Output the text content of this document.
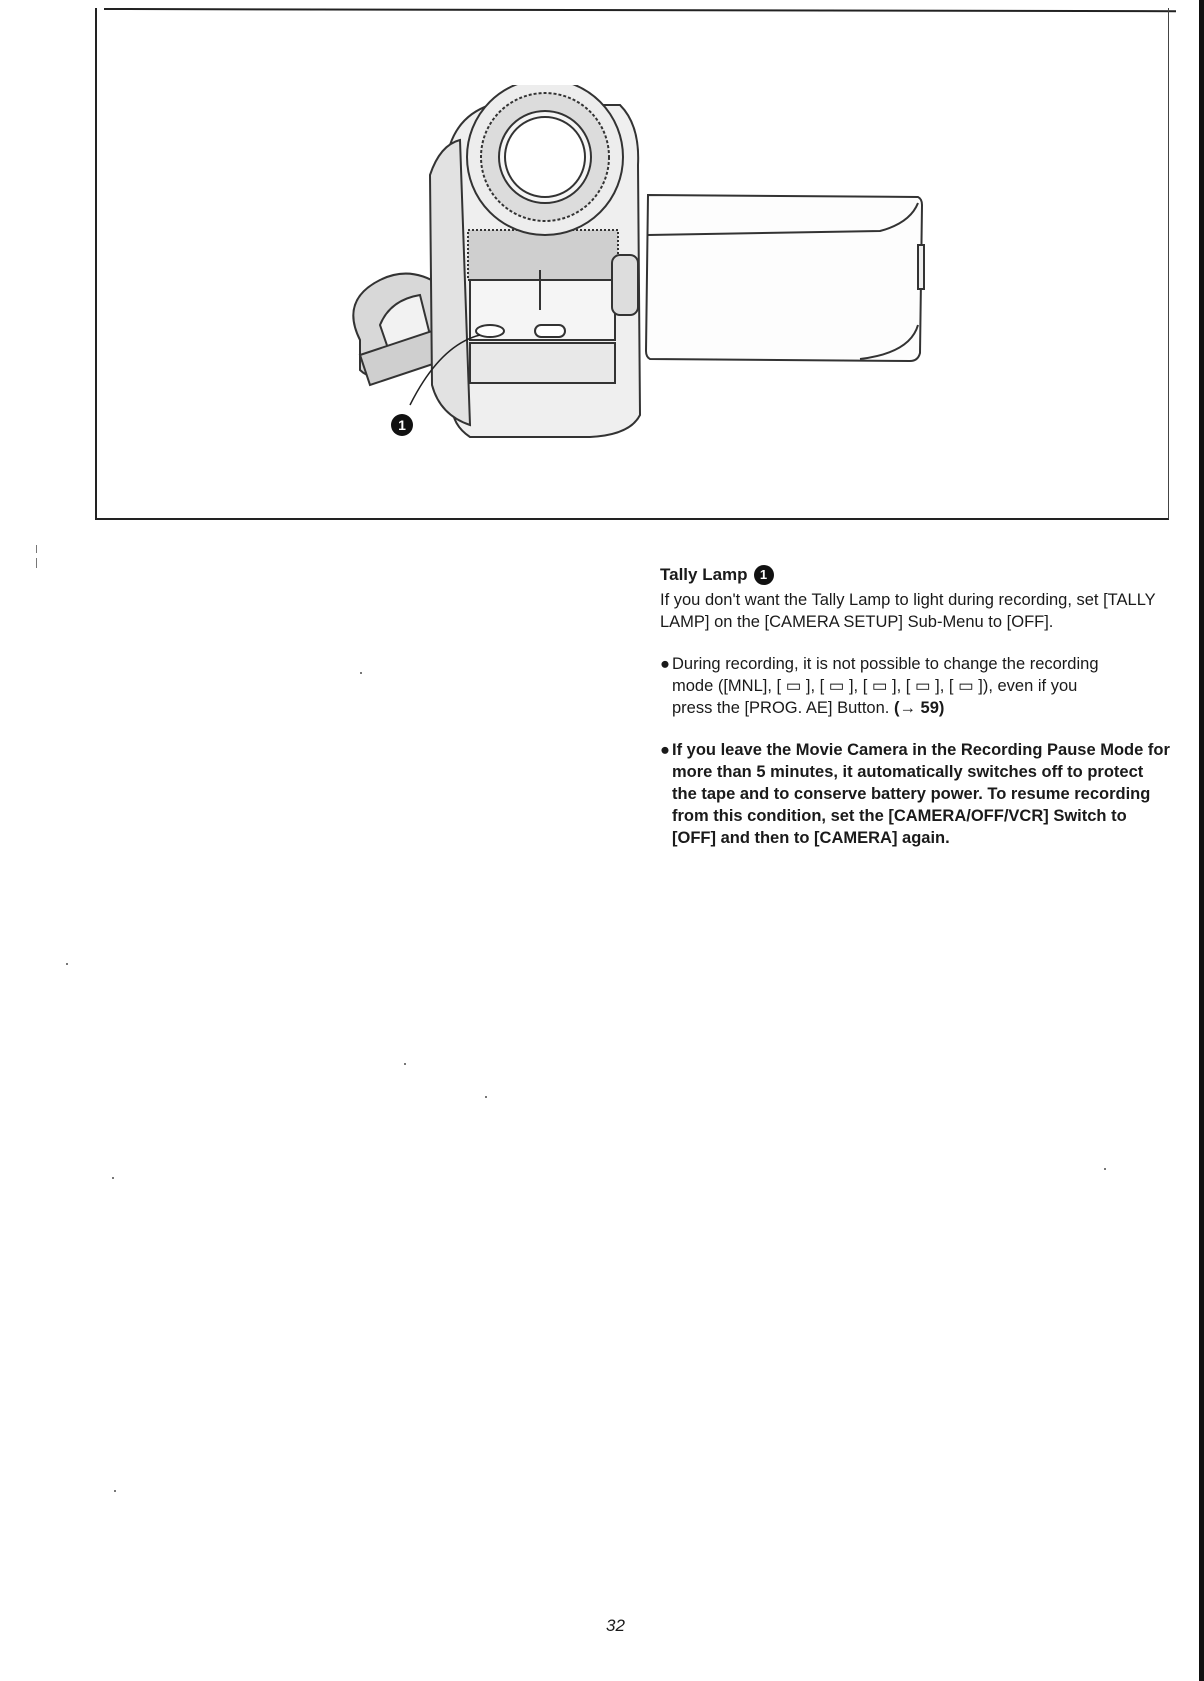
1
Tally Lamp 1

If you don't want the Tally Lamp to light during recording, set [TALLY LAMP] on the [CAMERA SETUP] Sub-Menu to [OFF].

● During recording, it is not possible to change the recording
mode ([MNL], [ ▭ ], [ ▭ ], [ ▭ ], [ ▭ ], [ ▭ ]), even if you
press the [PROG. AE] Button. (→ 59)
● If you leave the Movie Camera in the Recording Pause Mode for more than 5 minutes, it automatically switches off to protect the tape and to conserve battery power. To resume recording from this condition, set the [CAMERA/OFF/VCR] Switch to [OFF] and then to [CAMERA] again.
32
